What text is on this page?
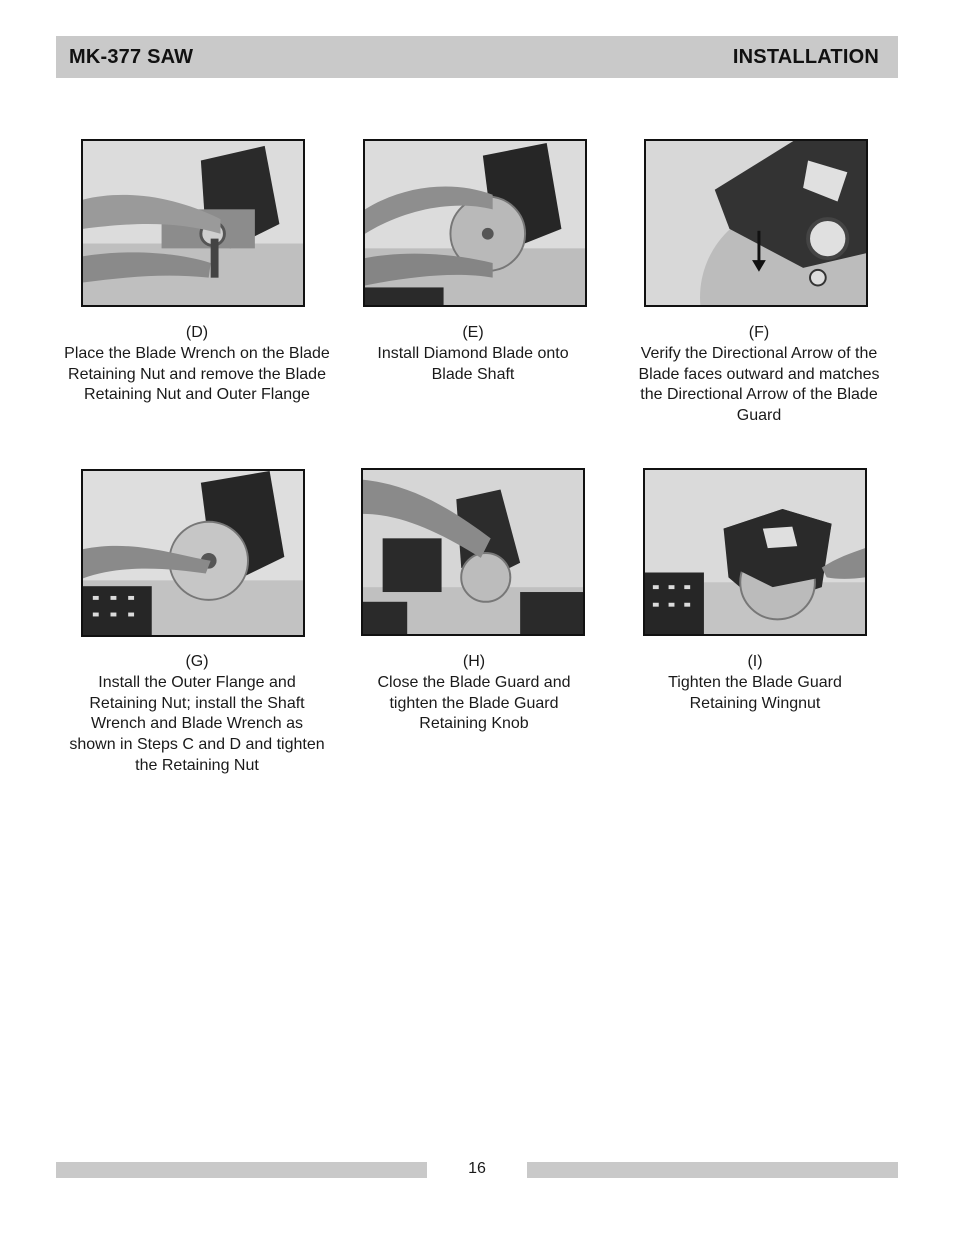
MK-377 SAW	INSTALLATION
(D)
Place the Blade Wrench on the Blade Retaining Nut and remove the Blade Retaining Nut and Outer Flange
(E)
Install Diamond Blade onto Blade Shaft
(F)
Verify the Directional Arrow of the Blade faces outward and matches the Directional Arrow of the Blade Guard
(G)
Install the Outer Flange and Retaining Nut; install the Shaft Wrench and Blade Wrench as shown in Steps C and D and tighten the Retaining Nut
(H)
Close the Blade Guard and tighten the Blade Guard Retaining Knob
(I)
Tighten the Blade Guard Retaining Wingnut
16
